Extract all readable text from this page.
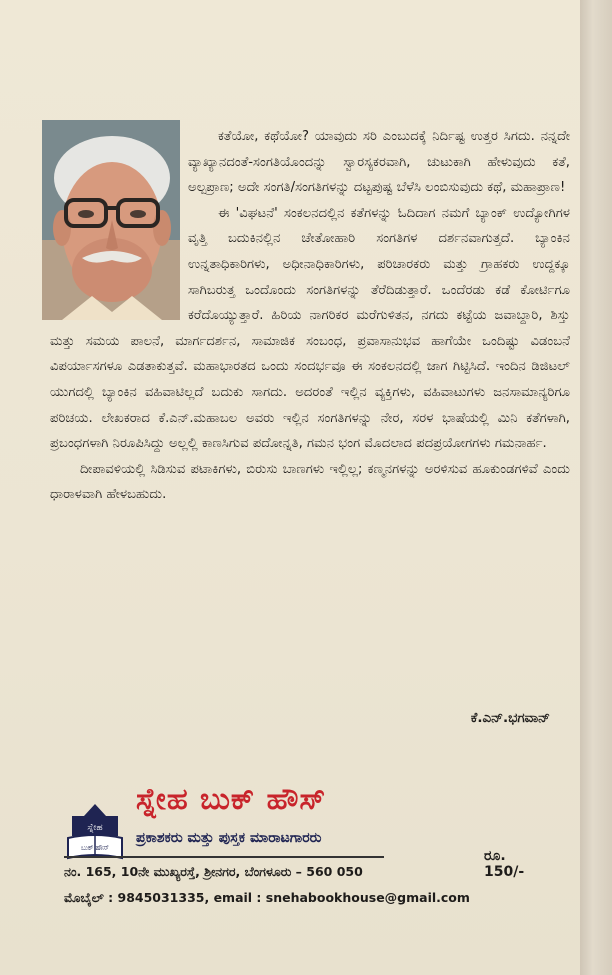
ಕತೆಯೋ, ಕಥೆಯೋ? ಯಾವುದು ಸರಿ ಎಂಬುದಕ್ಕೆ ನಿರ್ದಿಷ್ಟ ಉತ್ತರ ಸಿಗದು. ನನ್ನದೇ ವ್ಯಾಖ್ಯಾನದಂತೆ-ಸಂಗತಿಯೊಂದನ್ನು ಸ್ವಾರಸ್ಯಕರವಾಗಿ, ಚುಟುಕಾಗಿ ಹೇಳುವುದು ಕತೆ, ಅಲ್ಪಪ್ರಾಣ; ಅದೇ ಸಂಗತಿ/ಸಂಗತಿಗಳನ್ನು ದಟ್ಟಪುಷ್ಟ ಬೆಳೆಸಿ ಲಂಬಿಸುವುದು ಕಥೆ, ಮಹಾಪ್ರಾಣ!

ಈ 'ವಿಘಟನೆ' ಸಂಕಲನದಲ್ಲಿನ ಕತೆಗಳನ್ನು ಓದಿದಾಗ ನಮಗೆ ಬ್ಯಾಂಕ್ ಉದ್ಯೋಗಿಗಳ ವೃತ್ತಿ ಬದುಕಿನಲ್ಲಿನ ಚೇತೋಹಾರಿ ಸಂಗತಿಗಳ ದರ್ಶನವಾಗುತ್ತದೆ. ಬ್ಯಾಂಕಿನ ಉನ್ನತಾಧಿಕಾರಿಗಳು, ಅಧೀನಾಧಿಕಾರಿಗಳು, ಪರಿಚಾರಕರು ಮತ್ತು ಗ್ರಾಹಕರು ಉದ್ದಕ್ಕೂ ಸಾಗಿಬರುತ್ತ ಒಂದೊಂದು ಸಂಗತಿಗಳನ್ನು ತೆರೆದಿಡುತ್ತಾರೆ. ಒಂದೆರಡು ಕಡೆ ಕೋರ್ಟಿಗೂ ಕರೆದೊಯ್ಯುತ್ತಾರೆ. ಹಿರಿಯ ನಾಗರಿಕರ ಮರೆಗುಳಿತನ, ನಗದು ಕಟ್ಟೆಯ ಜವಾಬ್ದಾರಿ, ಶಿಸ್ತು ಮತ್ತು ಸಮಯ ಪಾಲನೆ, ಮಾರ್ಗದರ್ಶನ, ಸಾಮಾಜಿಕ ಸಂಬಂಧ, ಪ್ರವಾಸಾನುಭವ ಹಾಗೆಯೇ ಒಂದಿಷ್ಟು ವಿಡಂಬನೆ ವಿಪರ್ಯಾಸಗಳೂ ಎಡತಾಕುತ್ತವೆ. ಮಹಾಭಾರತದ ಒಂದು ಸಂದರ್ಭವೂ ಈ ಸಂಕಲನದಲ್ಲಿ ಜಾಗ ಗಿಟ್ಟಿಸಿದೆ. ಇಂದಿನ ಡಿಜಿಟಲ್ ಯುಗದಲ್ಲಿ ಬ್ಯಾಂಕಿನ ವಹಿವಾಟಿಲ್ಲದೆ ಬದುಕು ಸಾಗದು. ಅದರಂತೆ ಇಲ್ಲಿನ ವ್ಯಕ್ತಿಗಳು, ವಹಿವಾಟುಗಳು ಜನಸಾಮಾನ್ಯರಿಗೂ ಪರಿಚಯ. ಲೇಖಕರಾದ ಕೆ.ಎನ್.ಮಹಾಬಲ ಅವರು ಇಲ್ಲಿನ ಸಂಗತಿಗಳನ್ನು ನೇರ, ಸರಳ ಭಾಷೆಯಲ್ಲಿ ಮಿನಿ ಕತೆಗಳಾಗಿ, ಪ್ರಬಂಧಗಳಾಗಿ ನಿರೂಪಿಸಿದ್ದು ಅಲ್ಲಲ್ಲಿ ಕಾಣಸಿಗುವ ಪದೋನ್ನತಿ, ಗಮನ ಭಂಗ ಮೊದಲಾದ ಪದಪ್ರಯೋಗಗಳು ಗಮನಾರ್ಹ.

ದೀಪಾವಳಿಯಲ್ಲಿ ಸಿಡಿಸುವ ಪಟಾಕಿಗಳು, ಬಿರುಸು ಬಾಣಗಳು ಇಲ್ಲಿಲ್ಲ; ಕಣ್ಮನಗಳನ್ನು ಅರಳಿಸುವ ಹೂಕುಂಡಗಳಿವೆ ಎಂದು ಧಾರಾಳವಾಗಿ ಹೇಳಬಹುದು.

ಕೆ.ಎನ್.ಭಗವಾನ್
ಸ್ನೇಹ
ಬುಕ್ ಹೌಸ್
ಸ್ನೇಹ ಬುಕ್ ಹೌಸ್
ಪ್ರಕಾಶಕರು ಮತ್ತು ಪುಸ್ತಕ ಮಾರಾಟಗಾರರು
ನಂ. 165, 10ನೇ ಮುಖ್ಯರಸ್ತೆ, ಶ್ರೀನಗರ, ಬೆಂಗಳೂರು – 560 050
ಮೊಬೈಲ್ : 9845031335, email : snehabookhouse@gmail.com
ರೂ. 150/-
